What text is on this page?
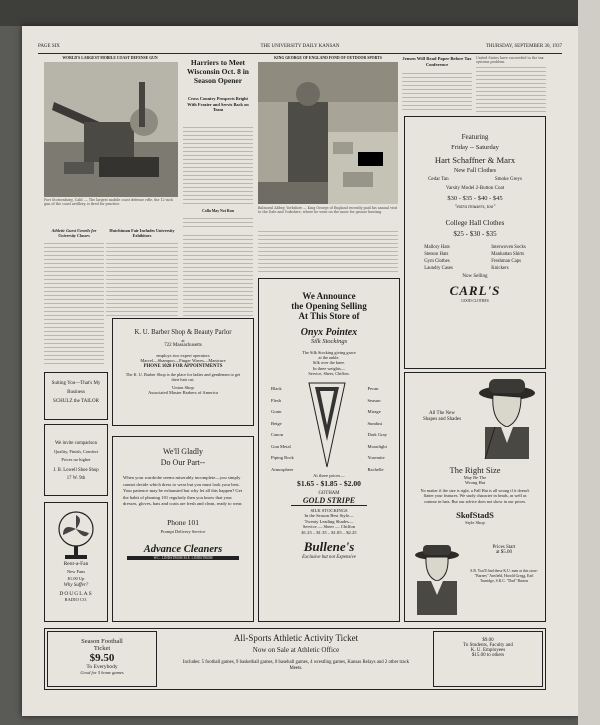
PAGE SIX	THE UNIVERSITY DAILY KANSAN	THURSDAY, SEPTEMBER 30, 1937
WORLD'S LARGEST MOBILE COAST DEFENSE GUN
Fort Stotsenburg, Calif. — The largest mobile coast defense rifle, the 12-inch gun of the coast artillery, is fired for practice.
Athletic Guest Unveils for University Classes
Harriers to Meet Wisconsin Oct. 8 in Season Opener
Cross Country Prospects Bright With Frazier and Servis Back on Team
Colla May Not Run
Hutchinson Fair Includes University Exhibitors
KING GEORGE OF ENGLAND FOND OF OUTDOOR SPORTS
Balmoral Abbey, Yorkshire — King George of England recently paid his annual visit to the Dale and Yorkshire, where he went on the moor for grouse hunting.
Jensen Will Read Paper Before Tax Conference
United States have succeeded to the tax systems problem.
Featuring
Friday -- Saturday
Hart Schaffner & Marx
New Fall Clothes
Cedar Tan	Smoke Greys
Varsity Model 2-Button Coat
$30 - $35 - $40 - $45
"extra trousers, too"
College Hall Clothes
$25 - $30 - $35
Mallory Hats
Stetson Hats
Gym Clothes
Laundry Cases
Interwoven Socks
Manhattan Shirts
Freshman Caps
Knickers
Now Selling
CARL'S
GOOD CLOTHES
K. U. Barber Shop & Beauty Parlor
at
722 Massachusetts
employs two expert operators
Marcel—Shampoo—Finger Waves—Manicure
PHONE 1028 FOR APPOINTMENTS
The K. U. Barber Shop is the place for ladies and gentlemen to get their hair cut.
Union Shop
Associated Master Barbers of America
Suiting You—That's My
Business
SCHULZ the TAILOR
We invite comparison
Quality, Finish, Comfort
Prices no higher
J. B. Lowell Shoe Shop
17 W. 9th
Rent-a-Fan
New Fans
$1.00 Up
Why Suffer?
DOUGLAS
RADIO CO.
We'll Gladly
Do Our Part--
When your wardrobe seems miserably incomplete—you simply cannot decide which dress to wear but you must look your best. Your patience may be exhausted but why let all this happen? Get the habit of phoning 101 regularly then you know that your dresses, gloves, hats and coats are fresh and clean, ready to wear.
Phone 101
Prompt Delivery Service
Advance Cleaners
W.C. LINDSTROM M.E. LINDSTROM
We Announce
the Opening Selling
At This Store of
Onyx Pointex
Silk Stockings
The Silk Stocking giving grace
at the ankle.
Silk over the knee.
In three weights—
Service, Sheer, Chiffon.
Black
Flesh
Grain
Beige
Canon
Gun Metal
Piping Rock
Atmosphere
Pecan
Seasun
Mirage
Sundust
Dark Gray
Moonlight
Yosemite
Rachelle
At three prices—
$1.65 - $1.85 - $2.00
GOTHAM
GOLD STRIPE
SILK STOCKINGS
In the Season Best Style—
Twenty Leading Shades—
Service — Sheer — Chiffon
$1.25 – $1.35 – $1.85 – $2.25
Bullene's
Exclusive but not Expensive
All The New
Shapes and Shades
The Right Size
May Be The
Wrong Hat
No matter if the size is right, a Fall Hat is all wrong if it doesn't flatter your features. We study character in heads, as well as contour in hats. But our advice does not show in our prices.
SkofStadS
Style Shop
Prices Start
at $5.00
S.R. You'll find these K.U. men at this store: "Barney" Arnfield, Harold Gregg, Earl Turnidge, S.K.C. "Dud" Burton
Season Football
Ticket
$9.50
To Everybody
Good for 5 home games
All-Sports Athletic Activity Ticket
Now on Sale at Athletic Office
Includes: 5 football games, 9 basketball games, 8 baseball games, 4 wrestling games, Kansas Relays and 2 other track Meets.
$9.00
To Students, Faculty and
K. U. Employees
$15.00 to others
